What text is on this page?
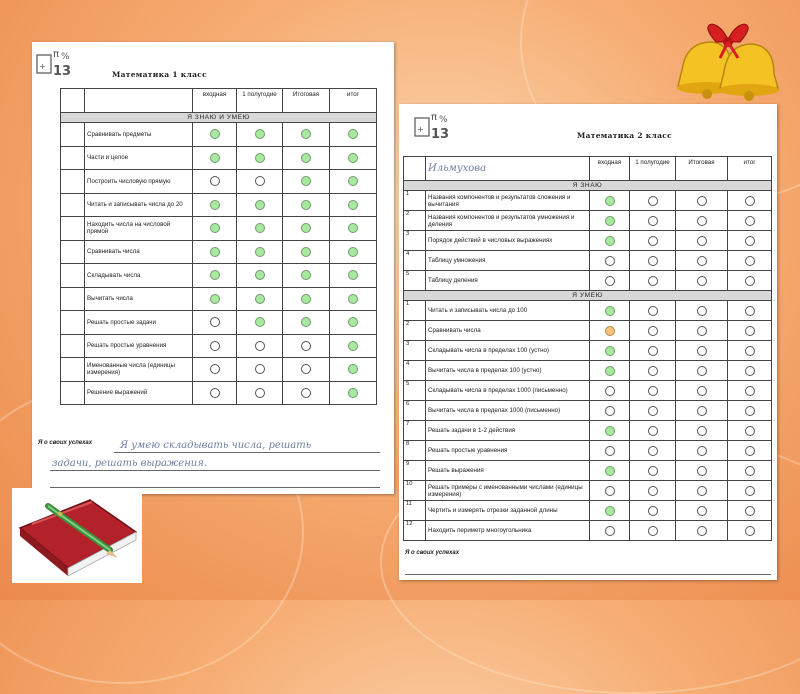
π %
13
+
Математика 1 класс
		входная	1 полугодие	Итоговая	итог
Я ЗНАЮ И УМЕЮ					
	Сравнивать предметы				
	Части и целое				
	Построить числовую прямую				
	Читать и записывать числа до 20				
	Находить числа на числовой прямой				
	Сравнивать числа				
	Складывать числа				
	Вычитать числа				
	Решать простые задачи				
	Решать простые уравнения				
	Именованные числа (единицы измерения)				
	Решение выражений				
Я о своих успехах	Я умею складывать числа, решать
задачи, решать выражения.
π %
13
+
Математика 2 класс
	Ильмухова	входная	1 полугодие	Итоговая	итог
Я ЗНАЮ					
1	Названия компонентов и результатов сложения и вычитания				
2	Названия компонентов и результатов умножения и деления				
3	Порядок действий в числовых выражениях				
4	Таблицу умножения				
5	Таблицу деления				
Я УМЕЮ					
1	Читать и записывать числа до 100				
2	Сравнивать числа				
3	Складывать числа в пределах 100 (устно)				
4	Вычитать числа в пределах 100 (устно)				
5	Складывать числа в пределах 1000 (письменно)				
6	Вычитать числа в пределах 1000 (письменно)				
7	Решать задачи в 1-2 действия				
8	Решать простые уравнения				
9	Решать выражения				
10	Решать примеры с именованными числами (единицы измерения)				
11	Чертить и измерять отрезки заданной длины				
12	Находить периметр многоугольника				
Я о своих успехах
